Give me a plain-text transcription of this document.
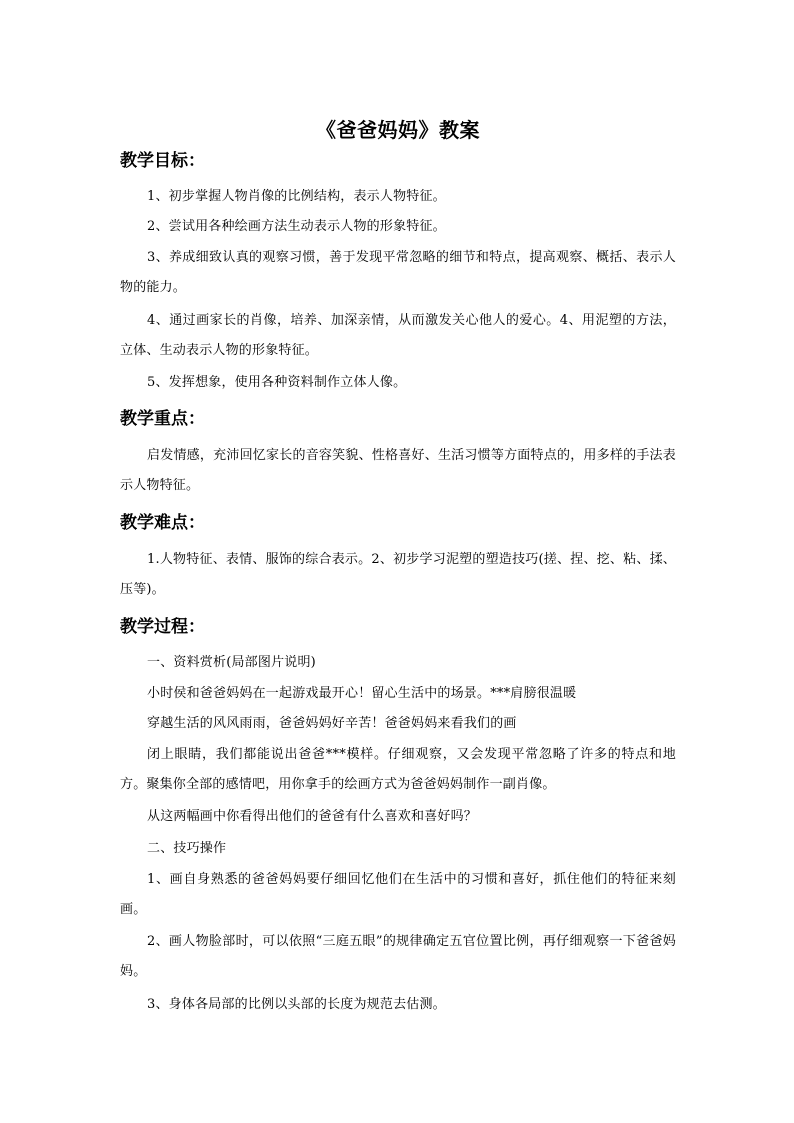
《爸爸妈妈》教案
教学目标：

1、初步掌握人物肖像的比例结构，表示人物特征。

2、尝试用各种绘画方法生动表示人物的形象特征。

3、养成细致认真的观察习惯，善于发现平常忽略的细节和特点，提高观察、概括、表示人物的能力。

4、通过画家长的肖像，培养、加深亲情，从而激发关心他人的爱心。4、用泥塑的方法，立体、生动表示人物的形象特征。

5、发挥想象，使用各种资料制作立体人像。

教学重点：

启发情感，充沛回忆家长的音容笑貌、性格喜好、生活习惯等方面特点的，用多样的手法表示人物特征。

教学难点：

1.人物特征、表情、服饰的综合表示。2、初步学习泥塑的塑造技巧(搓、捏、挖、粘、揉、压等)。

教学过程：

一、资料赏析(局部图片说明)

小时侯和爸爸妈妈在一起游戏最开心！留心生活中的场景。***肩膀很温暖

穿越生活的风风雨雨，爸爸妈妈好辛苦！爸爸妈妈来看我们的画

闭上眼睛，我们都能说出爸爸***模样。仔细观察，又会发现平常忽略了许多的特点和地方。聚集你全部的感情吧，用你拿手的绘画方式为爸爸妈妈制作一副肖像。

从这两幅画中你看得出他们的爸爸有什么喜欢和喜好吗？

二、技巧操作

1、画自身熟悉的爸爸妈妈要仔细回忆他们在生活中的习惯和喜好，抓住他们的特征来刻画。

2、画人物脸部时，可以依照“三庭五眼”的规律确定五官位置比例，再仔细观察一下爸爸妈妈。

3、身体各局部的比例以头部的长度为规范去估测。
